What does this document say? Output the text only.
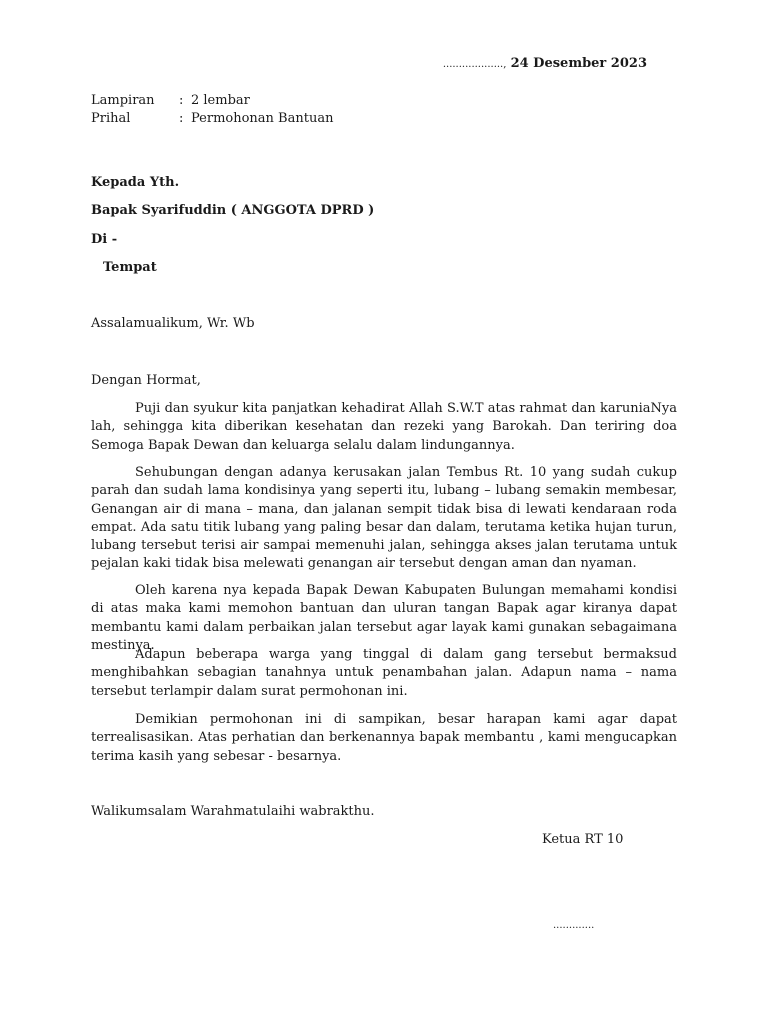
..................., 24 Desember 2023
Lampiran	: 2 lembar
Prihal	: Permohonan Bantuan
Kepada Yth.
Bapak Syarifuddin ( ANGGOTA DPRD )
Di -
Tempat
Assalamualikum, Wr. Wb
Dengan Hormat,
Puji dan syukur kita panjatkan kehadirat Allah S.W.T atas rahmat dan karuniaNya lah, sehingga kita diberikan kesehatan dan rezeki yang Barokah. Dan teriring doa Semoga Bapak Dewan dan keluarga selalu dalam lindungannya.
Sehubungan dengan adanya kerusakan jalan Tembus Rt. 10 yang sudah cukup parah dan sudah lama kondisinya yang seperti itu, lubang – lubang semakin membesar, Genangan air di mana – mana, dan jalanan sempit tidak bisa di lewati kendaraan roda empat. Ada satu titik lubang yang paling besar dan dalam, terutama ketika hujan turun, lubang tersebut terisi air sampai memenuhi jalan, sehingga akses jalan terutama untuk pejalan kaki tidak bisa melewati genangan air tersebut dengan aman dan nyaman.
Oleh karena nya kepada Bapak Dewan Kabupaten Bulungan memahami kondisi di atas maka kami memohon bantuan dan uluran tangan Bapak agar kiranya dapat membantu kami dalam perbaikan jalan tersebut agar layak kami gunakan sebagaimana mestinya.
Adapun beberapa warga yang tinggal di dalam gang tersebut bermaksud menghibahkan sebagian tanahnya untuk penambahan jalan. Adapun nama – nama tersebut terlampir dalam surat permohonan ini.
Demikian permohonan ini di sampikan, besar harapan kami agar dapat terrealisasikan. Atas perhatian dan berkenannya bapak membantu , kami mengucapkan terima kasih yang sebesar - besarnya.
Walikumsalam Warahmatulaihi wabrakthu.
Ketua RT 10
.............
